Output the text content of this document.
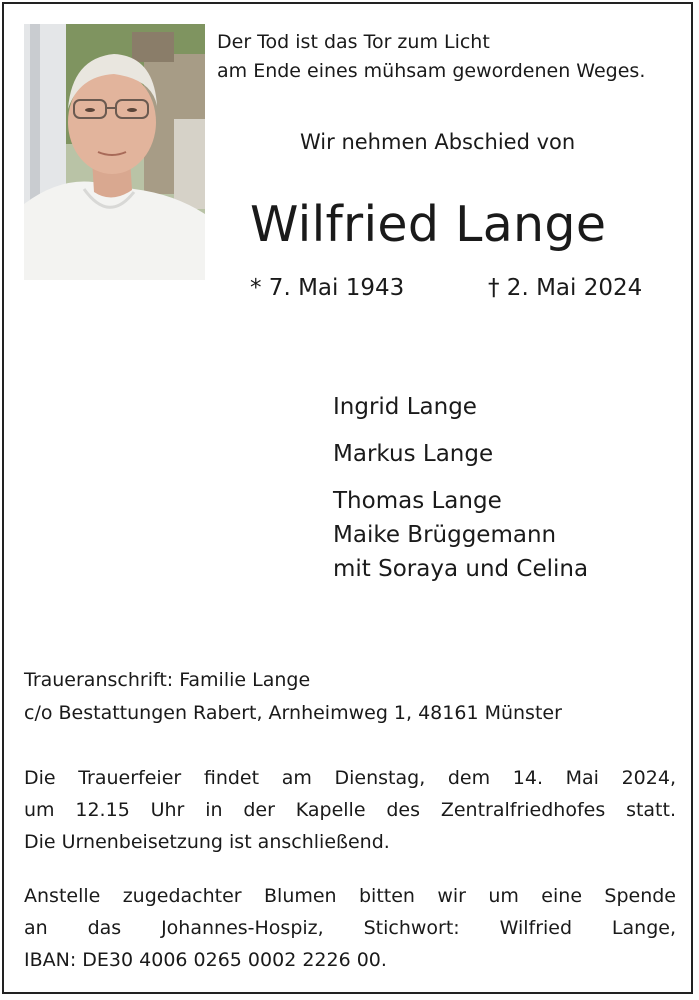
Der Tod ist das Tor zum Licht
am Ende eines mühsam gewordenen Weges.
Wir nehmen Abschied von
Wilfried Lange
* 7. Mai 1943	† 2. Mai 2024
Ingrid Lange
Markus Lange
Thomas Lange
Maike Brüggemann
mit Soraya und Celina
Traueranschrift: Familie Lange
c/o Bestattungen Rabert, Arnheimweg 1, 48161 Münster
Die Trauerfeier findet am Dienstag, dem 14. Mai 2024,
um 12.15 Uhr in der Kapelle des Zentralfriedhofes statt.
Die Urnenbeisetzung ist anschließend.
Anstelle zugedachter Blumen bitten wir um eine Spende
an das Johannes-Hospiz, Stichwort: Wilfried Lange,
IBAN: DE30 4006 0265 0002 2226 00.
